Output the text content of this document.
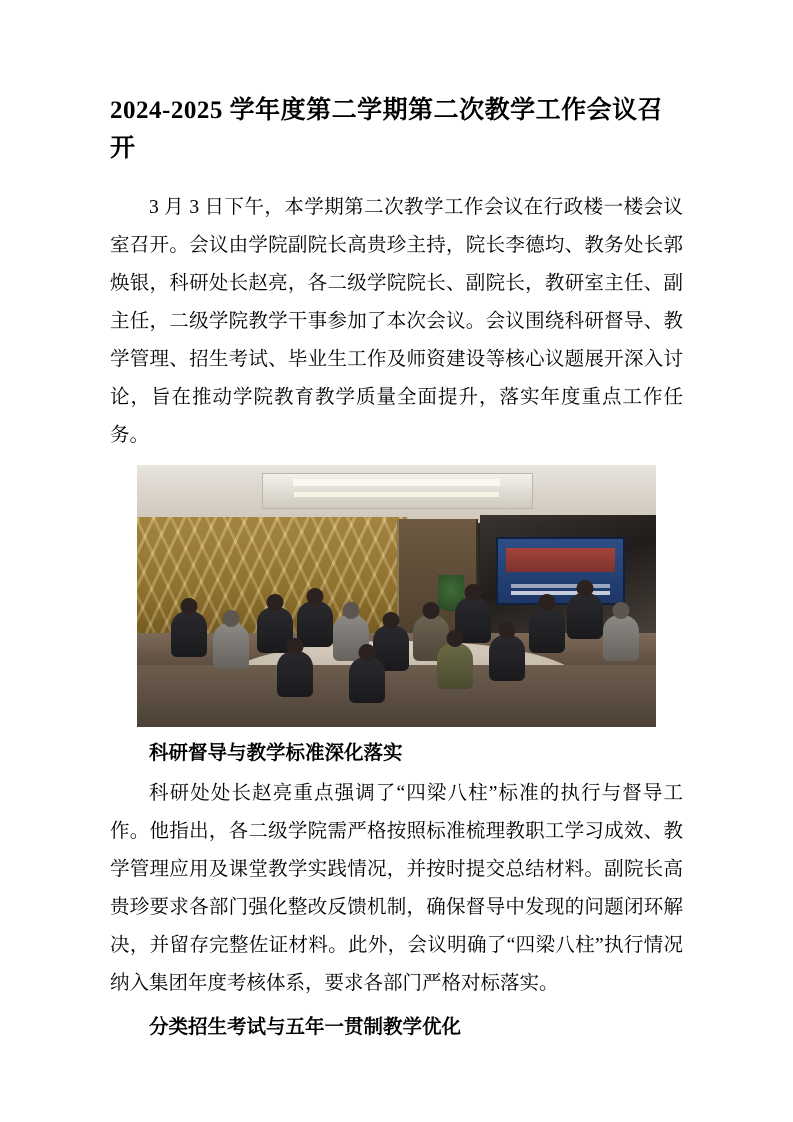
2024-2025 学年度第二学期第二次教学工作会议召开

3 月 3 日下午，本学期第二次教学工作会议在行政楼一楼会议室召开。会议由学院副院长高贵珍主持，院长李德均、教务处长郭焕银，科研处长赵亮，各二级学院院长、副院长，教研室主任、副主任，二级学院教学干事参加了本次会议。会议围绕科研督导、教学管理、招生考试、毕业生工作及师资建设等核心议题展开深入讨论，旨在推动学院教育教学质量全面提升，落实年度重点工作任务。

科研督导与教学标准深化落实

科研处处长赵亮重点强调了“四梁八柱”标准的执行与督导工作。他指出，各二级学院需严格按照标准梳理教职工学习成效、教学管理应用及课堂教学实践情况，并按时提交总结材料。副院长高贵珍要求各部门强化整改反馈机制，确保督导中发现的问题闭环解决，并留存完整佐证材料。此外，会议明确了“四梁八柱”执行情况纳入集团年度考核体系，要求各部门严格对标落实。

分类招生考试与五年一贯制教学优化
